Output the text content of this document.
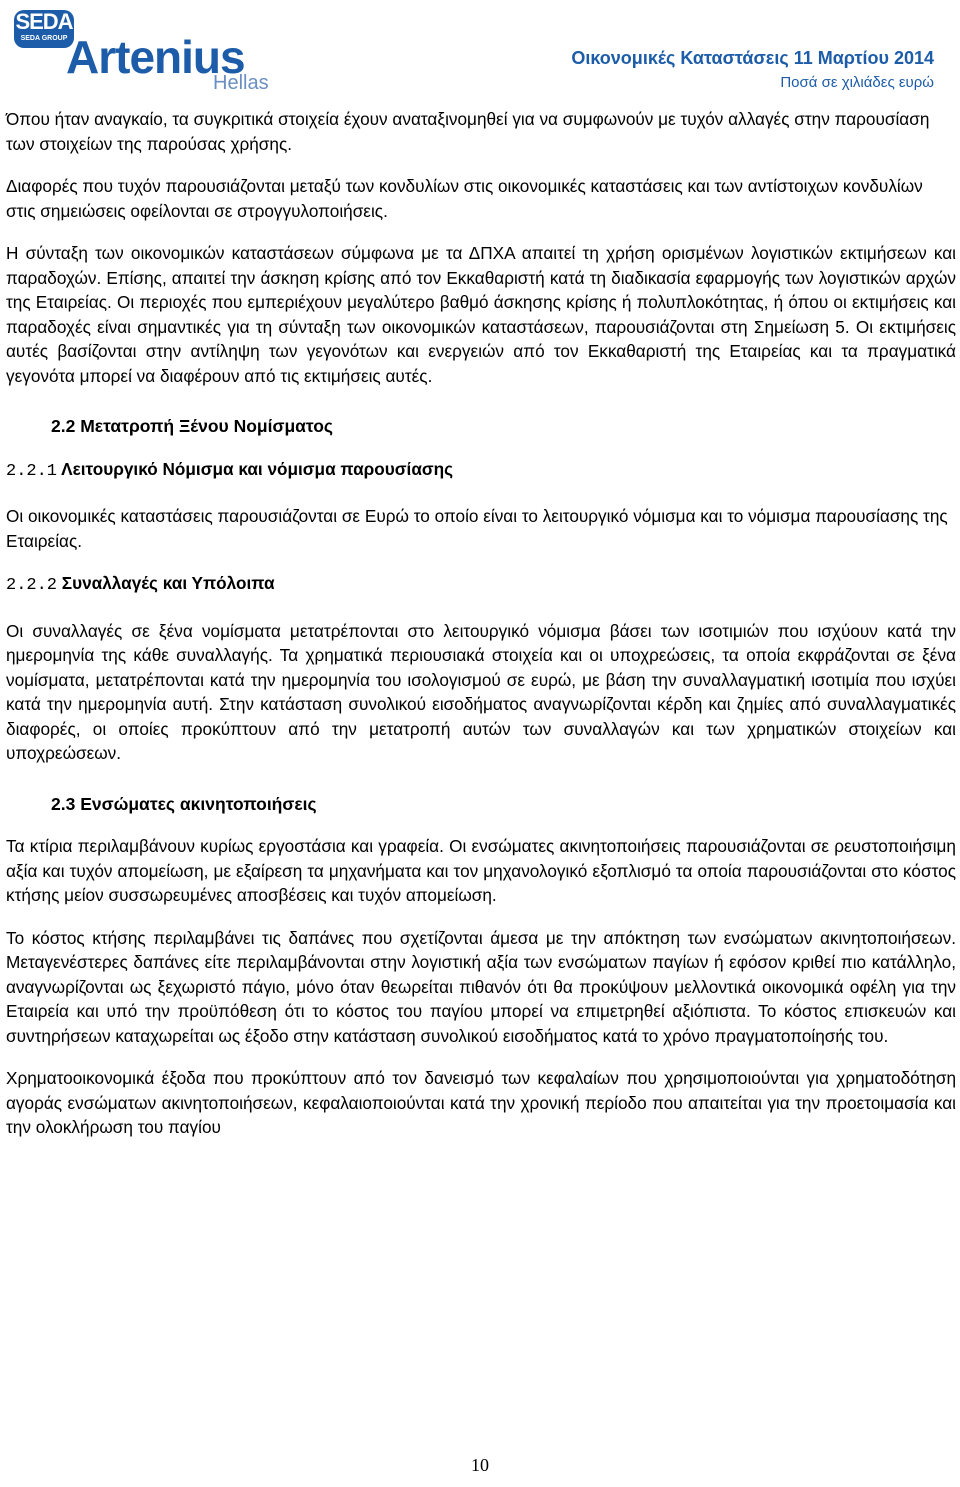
SEDA
SEDA GROUP
Artenius
Hellas
Οικονομικές Καταστάσεις 11 Μαρτίου 2014
Ποσά σε χιλιάδες ευρώ

Όπου ήταν αναγκαίο, τα συγκριτικά στοιχεία έχουν αναταξινομηθεί για να συμφωνούν με τυχόν αλλαγές στην παρουσίαση των στοιχείων της παρούσας χρήσης.

Διαφορές που τυχόν παρουσιάζονται μεταξύ των κονδυλίων στις οικονομικές καταστάσεις και των αντίστοιχων κονδυλίων στις σημειώσεις οφείλονται σε στρογγυλοποιήσεις.

Η σύνταξη των οικονομικών καταστάσεων σύμφωνα με τα ΔΠΧΑ απαιτεί τη χρήση ορισμένων λογιστικών εκτιμήσεων και παραδοχών. Επίσης, απαιτεί την άσκηση κρίσης από τον Εκκαθαριστή κατά τη διαδικασία εφαρμογής των λογιστικών αρχών της Εταιρείας. Οι περιοχές που εμπεριέχουν μεγαλύτερο βαθμό άσκησης κρίσης ή πολυπλοκότητας, ή όπου οι εκτιμήσεις και παραδοχές είναι σημαντικές για τη σύνταξη των οικονομικών καταστάσεων, παρουσιάζονται στη Σημείωση 5. Οι εκτιμήσεις αυτές βασίζονται στην αντίληψη των γεγονότων και ενεργειών από τον Εκκαθαριστή της Εταιρείας και τα πραγματικά γεγονότα μπορεί να διαφέρουν από τις εκτιμήσεις αυτές.

2.2 Μετατροπή Ξένου Νομίσματος

2.2.1 Λειτουργικό Νόμισμα και νόμισμα παρουσίασης

Οι οικονομικές καταστάσεις παρουσιάζονται σε Ευρώ το οποίο είναι το λειτουργικό νόμισμα και το νόμισμα παρουσίασης της Εταιρείας.

2.2.2 Συναλλαγές και Υπόλοιπα

Οι συναλλαγές σε ξένα νομίσματα μετατρέπονται στο λειτουργικό νόμισμα βάσει των ισοτιμιών που ισχύουν κατά την ημερομηνία της κάθε συναλλαγής. Τα χρηματικά περιουσιακά στοιχεία και οι υποχρεώσεις, τα οποία εκφράζονται σε ξένα νομίσματα, μετατρέπονται κατά την ημερομηνία του ισολογισμού σε ευρώ, με βάση την συναλλαγματική ισοτιμία που ισχύει κατά την ημερομηνία αυτή. Στην κατάσταση συνολικού εισοδήματος αναγνωρίζονται κέρδη και ζημίες από συναλλαγματικές διαφορές, οι οποίες προκύπτουν από την μετατροπή αυτών των συναλλαγών και των χρηματικών στοιχείων και υποχρεώσεων.

2.3 Ενσώματες ακινητοποιήσεις

Τα κτίρια περιλαμβάνουν κυρίως εργοστάσια και γραφεία. Οι ενσώματες ακινητοποιήσεις παρουσιάζονται σε ρευστοποιήσιμη αξία και τυχόν απομείωση, με εξαίρεση τα μηχανήματα και τον μηχανολογικό εξοπλισμό τα οποία παρουσιάζονται στο κόστος κτήσης μείον συσσωρευμένες αποσβέσεις και τυχόν απομείωση.

Το κόστος κτήσης περιλαμβάνει τις δαπάνες που σχετίζονται άμεσα με την απόκτηση των ενσώματων ακινητοποιήσεων. Μεταγενέστερες δαπάνες είτε περιλαμβάνονται στην λογιστική αξία των ενσώματων παγίων ή εφόσον κριθεί πιο κατάλληλο, αναγνωρίζονται ως ξεχωριστό πάγιο, μόνο όταν θεωρείται πιθανόν ότι θα προκύψουν μελλοντικά οικονομικά οφέλη για την Εταιρεία και υπό την προϋπόθεση ότι το κόστος του παγίου μπορεί να επιμετρηθεί αξιόπιστα. Το κόστος επισκευών και συντηρήσεων καταχωρείται ως έξοδο στην κατάσταση συνολικού εισοδήματος κατά το χρόνο πραγματοποίησής του.

Χρηματοοικονομικά έξοδα που προκύπτουν από τον δανεισμό των κεφαλαίων που χρησιμοποιούνται για χρηματοδότηση αγοράς ενσώματων ακινητοποιήσεων, κεφαλαιοποιούνται κατά την χρονική περίοδο που απαιτείται για την προετοιμασία και την ολοκλήρωση του παγίου

10
